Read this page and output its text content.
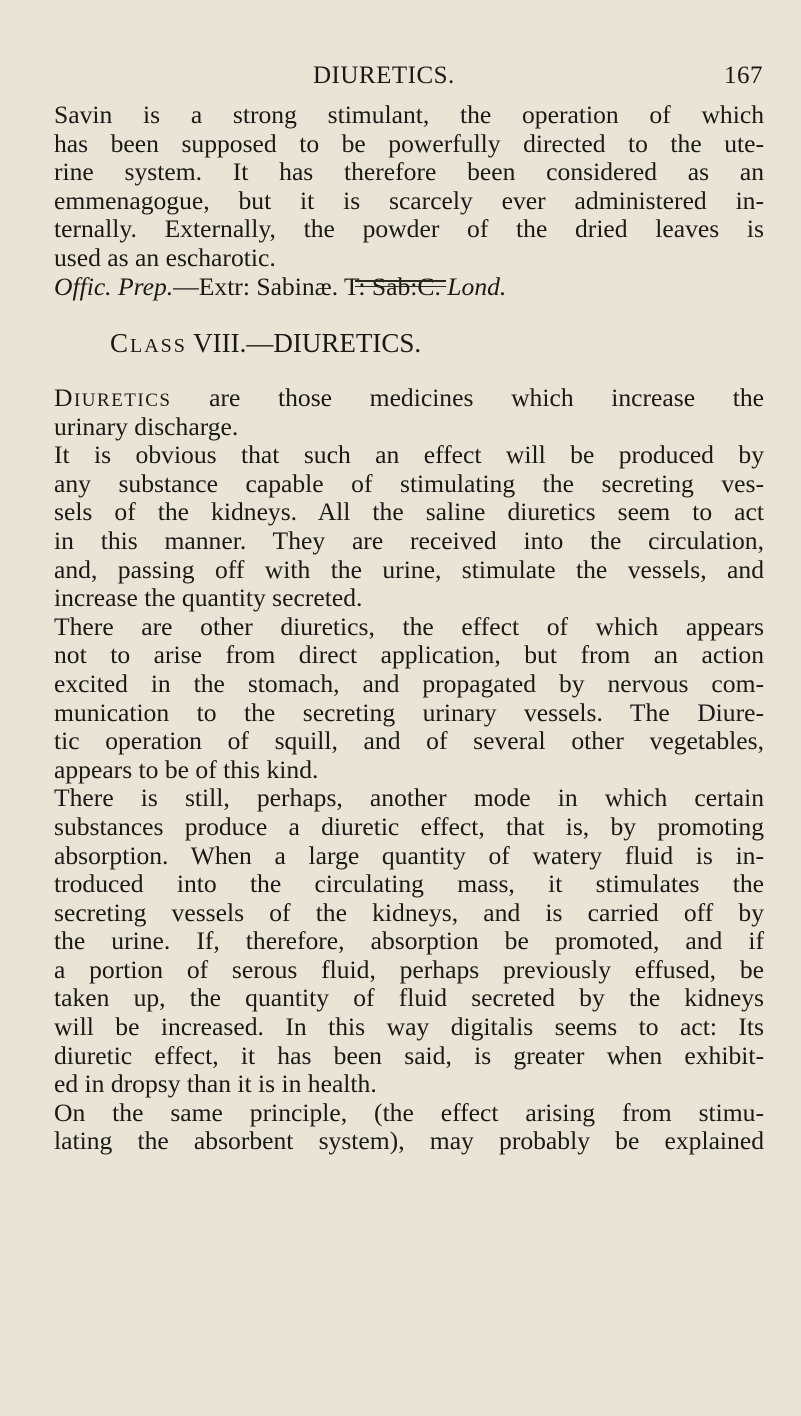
DIURETICS.	167
Savin is a strong stimulant, the operation of which
has been supposed to be powerfully directed to the ute-
rine system. It has therefore been considered as an
emmenagogue, but it is scarcely ever administered in-
ternally. Externally, the powder of the dried leaves is
used as an escharotic.
Offic. Prep.—Extr: Sabinæ. T: Sab:C. Lond.
CLASS VIII.—DIURETICS.
DIURETICS are those medicines which increase the
urinary discharge.
It is obvious that such an effect will be produced by
any substance capable of stimulating the secreting ves-
sels of the kidneys. All the saline diuretics seem to act
in this manner. They are received into the circulation,
and, passing off with the urine, stimulate the vessels, and
increase the quantity secreted.
There are other diuretics, the effect of which appears
not to arise from direct application, but from an action
excited in the stomach, and propagated by nervous com-
munication to the secreting urinary vessels. The Diure-
tic operation of squill, and of several other vegetables,
appears to be of this kind.
There is still, perhaps, another mode in which certain
substances produce a diuretic effect, that is, by promoting
absorption. When a large quantity of watery fluid is in-
troduced into the circulating mass, it stimulates the
secreting vessels of the kidneys, and is carried off by
the urine. If, therefore, absorption be promoted, and if
a portion of serous fluid, perhaps previously effused, be
taken up, the quantity of fluid secreted by the kidneys
will be increased. In this way digitalis seems to act: Its
diuretic effect, it has been said, is greater when exhibit-
ed in dropsy than it is in health.
On the same principle, (the effect arising from stimu-
lating the absorbent system), may probably be explained
